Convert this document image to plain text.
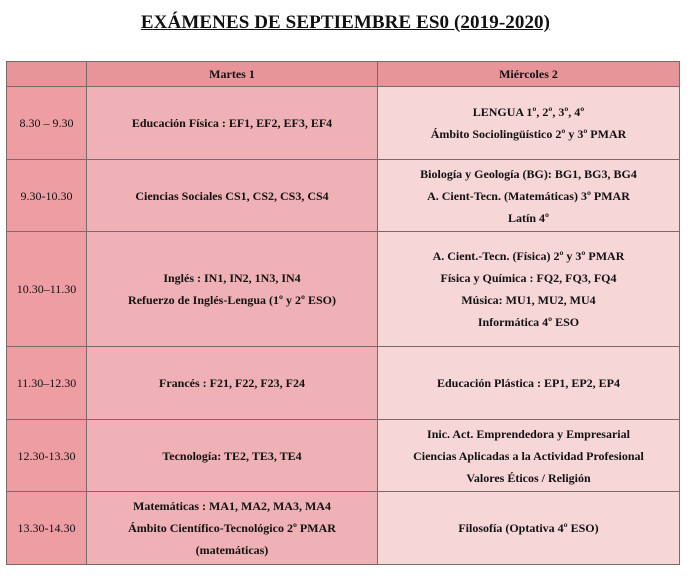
EXÁMENES DE SEPTIEMBRE ES0 (2019-2020)
	Martes 1	Miércoles 2
8.30 – 9.30	Educación Física : EF1, EF2, EF3, EF4	LENGUA 1º, 2º, 3º, 4º
Ámbito Sociolingüístico 2º y 3º PMAR

9.30-10.30	Ciencias Sociales CS1, CS2, CS3, CS4	Biología y Geología (BG): BG1, BG3, BG4
A. Cient-Tecn. (Matemáticas) 3º PMAR
Latín 4º

10.30–11.30	Inglés : IN1, IN2, 1N3, IN4
Refuerzo de Inglés-Lengua (1º y 2º ESO)	A. Cient.-Tecn. (Física) 2º y 3º PMAR
Física y Química : FQ2, FQ3, FQ4
Música: MU1, MU2, MU4
Informática 4º ESO

11.30–12.30	Francés : F21, F22, F23, F24	Educación Plástica : EP1, EP2, EP4

12.30-13.30	Tecnología: TE2, TE3, TE4	Inic. Act. Emprendedora y Empresarial
Ciencias Aplicadas a la Actividad Profesional
Valores Éticos / Religión

13.30-14.30	Matemáticas : MA1, MA2, MA3, MA4
Ámbito Científico-Tecnológico 2º PMAR
(matemáticas)	Filosofía (Optativa 4º ESO)
